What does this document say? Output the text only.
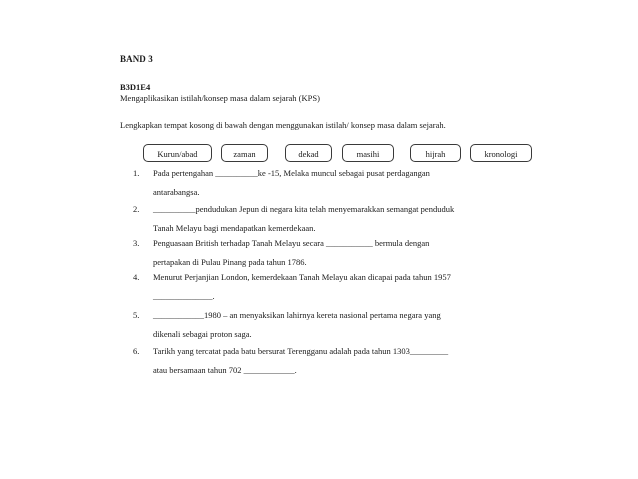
BAND 3
B3D1E4
Mengaplikasikan istilah/konsep masa dalam sejarah (KPS)
Lengkapkan tempat kosong di bawah dengan menggunakan istilah/ konsep masa dalam sejarah.
Kurun/abad	zaman	dekad	masihi	hijrah	kronologi
1. Pada pertengahan __________ke -15, Melaka muncul sebagai pusat perdagangan
antarabangsa.
2. __________pendudukan Jepun di negara kita telah menyemarakkan semangat penduduk
Tanah Melayu bagi mendapatkan kemerdekaan.
3. Penguasaan British terhadap Tanah Melayu secara ___________ bermula dengan
pertapakan di Pulau Pinang pada tahun 1786.
4. Menurut Perjanjian London, kemerdekaan Tanah Melayu akan dicapai pada tahun 1957
______________.
5. ____________1980 – an menyaksikan lahirnya kereta nasional pertama negara yang
dikenali sebagai proton saga.
6. Tarikh yang tercatat pada batu bersurat Terengganu adalah pada tahun 1303_________
atau bersamaan tahun 702 ____________.
